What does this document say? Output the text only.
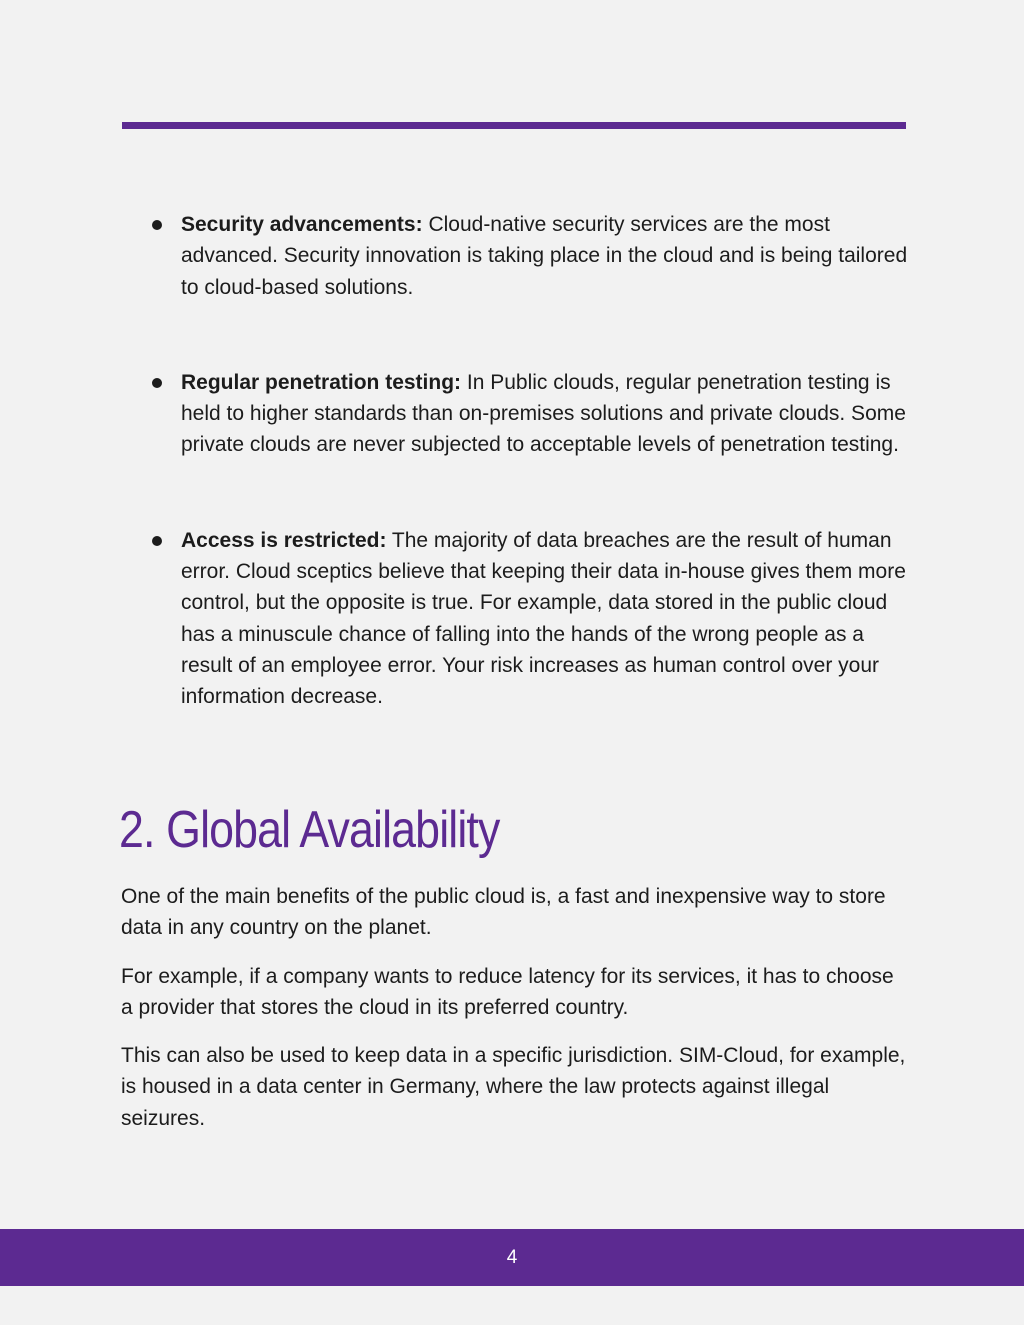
Security advancements: Cloud-native security services are the most advanced. Security innovation is taking place in the cloud and is being tailored to cloud-based solutions.
Regular penetration testing: In Public clouds, regular penetration testing is held to higher standards than on-premises solutions and private clouds. Some private clouds are never subjected to acceptable levels of penetration testing.
Access is restricted: The majority of data breaches are the result of human error. Cloud sceptics believe that keeping their data in-house gives them more control, but the opposite is true. For example, data stored in the public cloud has a minuscule chance of falling into the hands of the wrong people as a result of an employee error. Your risk increases as human control over your information decrease.
2. Global Availability

One of the main benefits of the public cloud is, a fast and inexpensive way to store data in any country on the planet.

For example, if a company wants to reduce latency for its services, it has to choose a provider that stores the cloud in its preferred country.

This can also be used to keep data in a specific jurisdiction. SIM-Cloud, for example, is housed in a data center in Germany, where the law protects against illegal seizures.

4
